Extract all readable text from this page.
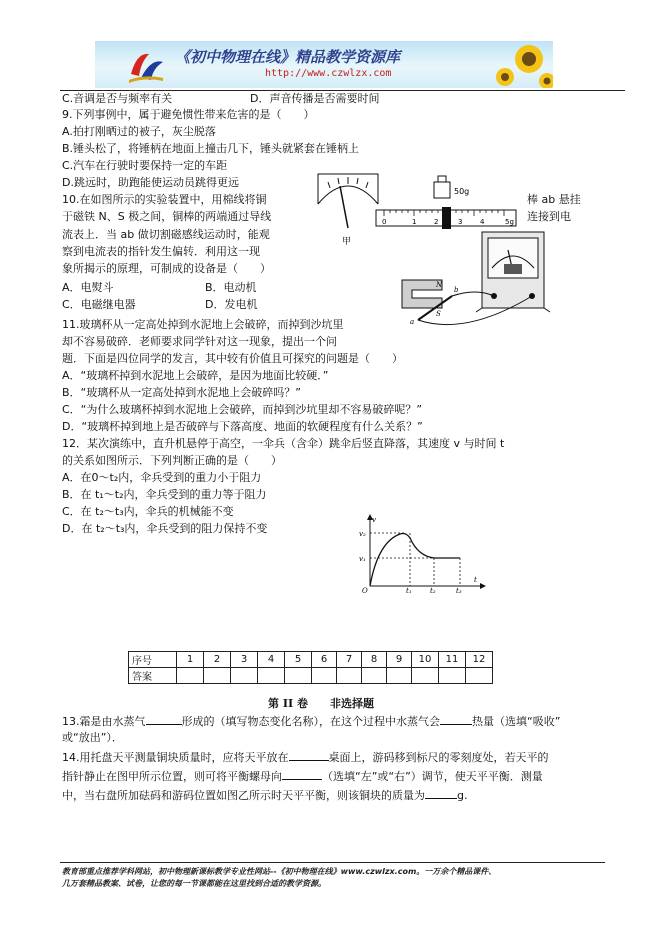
《初中物理在线》精品教学资源库
http://www.czwlzx.com
C.音调是否与频率有关	D．声音传播是否需要时间
9.下列事例中，属于避免惯性带来危害的是（　　）
A.拍打刚晒过的被子，灰尘脱落
B.锤头松了，将锤柄在地面上撞击几下，锤头就紧套在锤柄上
C.汽车在行驶时要保持一定的车距
D.跳远时，助跑能使运动员跳得更远
甲
50g
0	1	2	3	4	5g
10.在如图所示的实验装置中，用棉线将铜	棒 ab 悬挂
于磁铁 N、S 极之间，铜棒的两端通过导线	连接到电
流表上．当 ab 做切割磁感线运动时，能观
察到电流表的指针发生偏转．利用这一现
象所揭示的原理，可制成的设备是（　　）
A．电熨斗	B．电动机
C．电磁继电器	D．发电机
N
S
a
b
11.玻璃杯从一定高处掉到水泥地上会破碎，而掉到沙坑里
却不容易破碎．老师要求同学针对这一现象，提出一个问
题．下面是四位同学的发言，其中较有价值且可探究的问题是（　　）
A．“玻璃杯掉到水泥地上会破碎，是因为地面比较硬．”
B．“玻璃杯从一定高处掉到水泥地上会破碎吗？”
C．“为什么玻璃杯掉到水泥地上会破碎，而掉到沙坑里却不容易破碎呢？”
D．“玻璃杯掉到地上是否破碎与下落高度、地面的软硬程度有什么关系？”
12．某次演练中，直升机悬停于高空，一伞兵（含伞）跳伞后竖直降落，其速度 v 与时间 t
的关系如图所示．下列判断正确的是（　　）
A．在0～t₂内，伞兵受到的重力小于阻力
B．在 t₁～t₂内，伞兵受到的重力等于阻力
C．在 t₂～t₃内，伞兵的机械能不变
D．在 t₂～t₃内，伞兵受到的阻力保持不变
v
t
O
v₂
v₁
t₁	t₂	t₃
序号	1	2	3	4	5	6	7	8	9	10	11	12
答案												
第 II 卷　　非选择题
13.霜是由水蒸气	形成的（填写物态变化名称），在这个过程中水蒸气会	热量（选填“吸收”
或“放出”）．
14.用托盘天平测量铜块质量时，应将天平放在	桌面上，游码移到标尺的零刻度处，若天平的
指针静止在图甲所示位置，则可将平衡螺母向	（选填“左”或“右”）调节，使天平平衡．测量
中，当右盘所加砝码和游码位置如图乙所示时天平平衡，则该铜块的质量为	g.
教育部重点推荐学科网站，初中物理新课标教学专业性网站--《初中物理在线》www.czwlzx.com。一万余个精品课件、
几万套精品教案、试卷，让您的每一节课都能在这里找到合适的教学资源。
